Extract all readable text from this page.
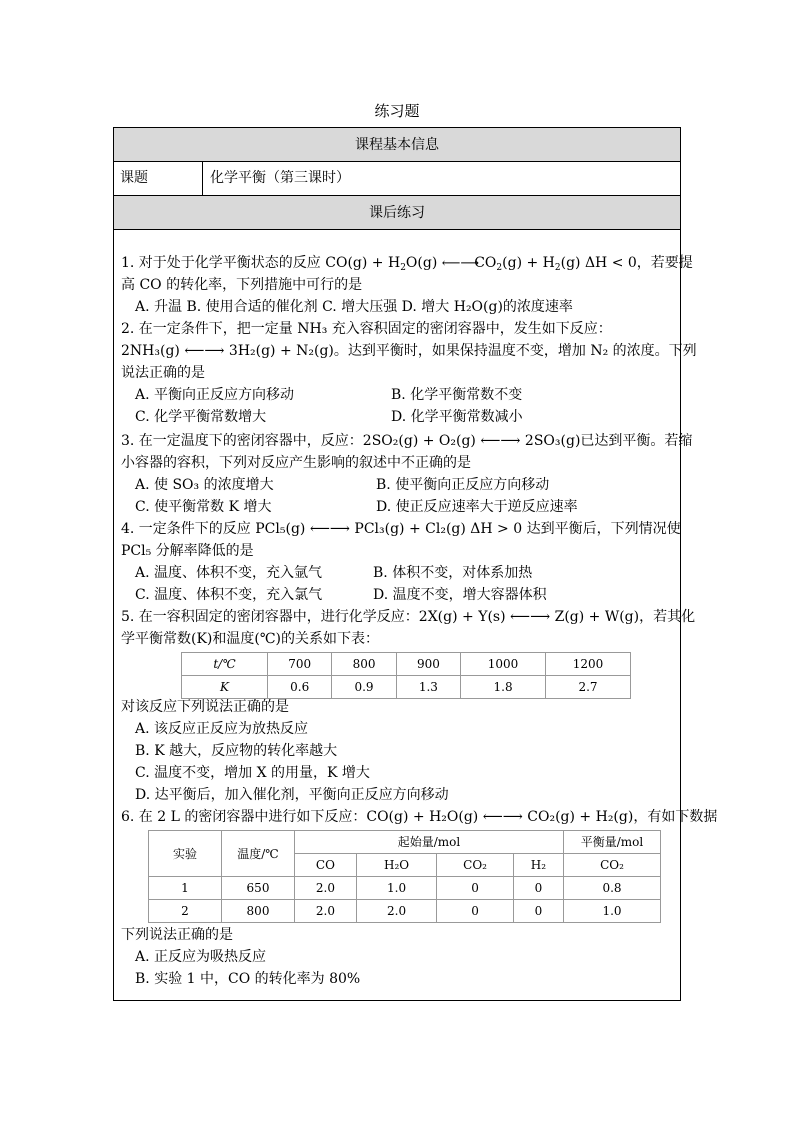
练习题
课程基本信息
课题	化学平衡（第三课时）
课后练习
1. 对于处于化学平衡状态的反应 $CO(g) + H_2O(g)$ ⟵⟶ $CO_2(g) + H_2(g) \Delta H < 0$，若要提
高 CO 的转化率，下列措施中可行的是
A. 升温 B. 使用合适的催化剂 C. 增大压强 D. 增大 H₂O(g)的浓度速率
2. 在一定条件下，把一定量 NH₃ 充入容积固定的密闭容器中，发生如下反应：
2NH₃(g) ⟵⟶ 3H₂(g) + N₂(g)。达到平衡时，如果保持温度不变，增加 N₂ 的浓度。下列
说法正确的是
A. 平衡向正反应方向移动	B. 化学平衡常数不变
C. 化学平衡常数增大	D. 化学平衡常数减小
3. 在一定温度下的密闭容器中，反应：2SO₂(g) + O₂(g) ⟵⟶ 2SO₃(g)已达到平衡。若缩
小容器的容积，下列对反应产生影响的叙述中不正确的是
A. 使 SO₃ 的浓度增大	B. 使平衡向正反应方向移动
C. 使平衡常数 K 增大	D. 使正反应速率大于逆反应速率
4. 一定条件下的反应 PCl₅(g) ⟵⟶ PCl₃(g) + Cl₂(g) ΔH > 0 达到平衡后，下列情况使
PCl₅ 分解率降低的是
A. 温度、体积不变，充入氩气	B. 体积不变，对体系加热
C. 温度、体积不变，充入氯气	D. 温度不变，增大容器体积
5. 在一容积固定的密闭容器中，进行化学反应：2X(g) + Y(s) ⟵⟶ Z(g) + W(g)，若其化
学平衡常数(K)和温度(℃)的关系如下表：
t/℃	700	800	900	1000	1200
K	0.6	0.9	1.3	1.8	2.7
对该反应下列说法正确的是
A. 该反应正反应为放热反应
B. K 越大，反应物的转化率越大
C. 温度不变，增加 X 的用量，K 增大
D. 达平衡后，加入催化剂，平衡向正反应方向移动
6. 在 2 L 的密闭容器中进行如下反应：CO(g) + H₂O(g) ⟵⟶ CO₂(g) + H₂(g)，有如下数据
实验	温度/℃	起始量/mol				平衡量/mol
		CO	H₂O	CO₂	H₂	CO₂
1	650	2.0	1.0	0	0	0.8
2	800	2.0	2.0	0	0	1.0
下列说法正确的是
A. 正反应为吸热反应
B. 实验 1 中，CO 的转化率为 80%
